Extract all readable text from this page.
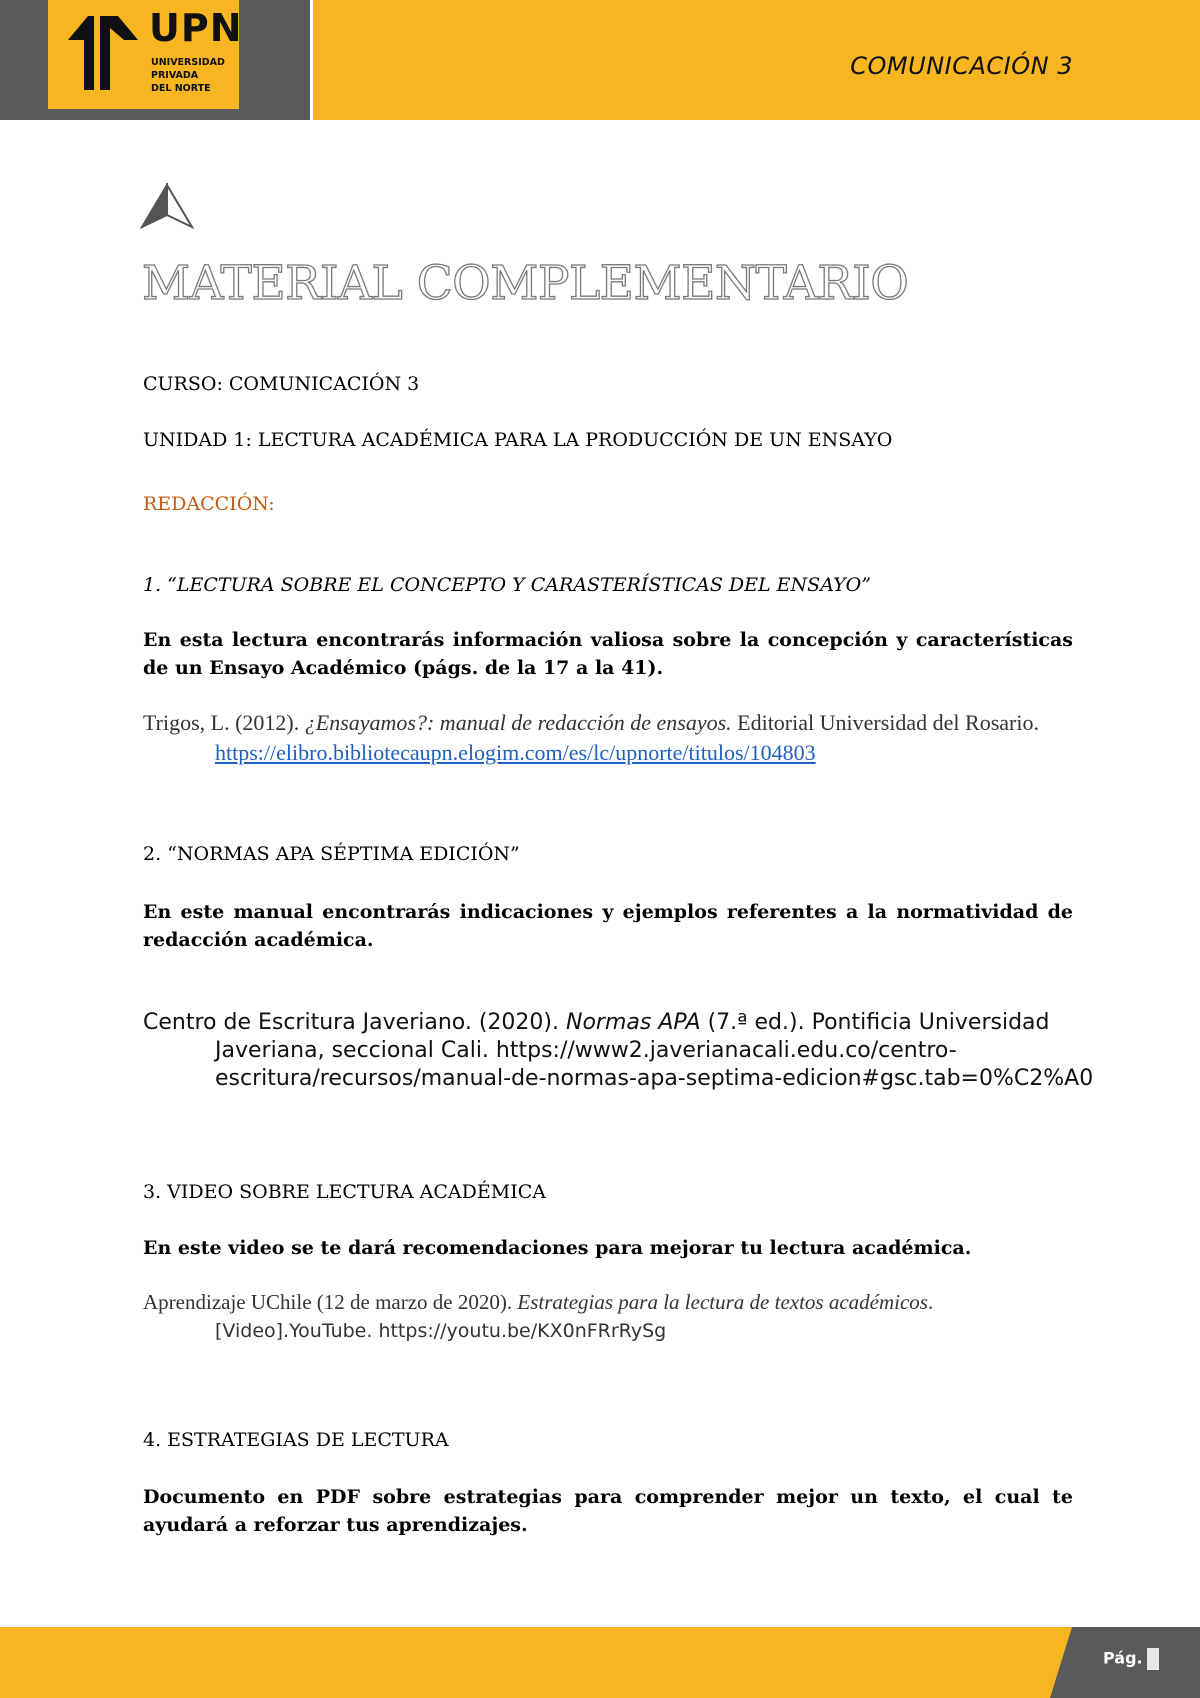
UPN
UNIVERSIDAD
PRIVADA
DEL NORTE
COMUNICACIÓN 3
MATERIAL COMPLEMENTARIO
CURSO: COMUNICACIÓN 3
UNIDAD 1: LECTURA ACADÉMICA PARA LA PRODUCCIÓN DE UN ENSAYO
REDACCIÓN:
1. “LECTURA SOBRE EL CONCEPTO Y CARASTERÍSTICAS DEL ENSAYO”
En esta lectura encontrarás información valiosa sobre la concepción y características de un Ensayo Académico (págs. de la 17 a la 41).
Trigos, L. (2012). ¿Ensayamos?: manual de redacción de ensayos. Editorial Universidad del Rosario. https://elibro.bibliotecaupn.elogim.com/es/lc/upnorte/titulos/104803
2. “NORMAS APA SÉPTIMA EDICIÓN”
En este manual encontrarás indicaciones y ejemplos referentes a la normatividad de redacción académica.
Centro de Escritura Javeriano. (2020). Normas APA (7.ª ed.). Pontificia Universidad Javeriana, seccional Cali. https://www2.javerianacali.edu.co/centro-escritura/recursos/manual-de-normas-apa-septima-edicion#gsc.tab=0%C2%A0
3. VIDEO SOBRE LECTURA ACADÉMICA
En este video se te dará recomendaciones para mejorar tu lectura académica.
Aprendizaje UChile (12 de marzo de 2020). Estrategias para la lectura de textos académicos.
[Video].YouTube. https://youtu.be/KX0nFRrRySg
4. ESTRATEGIAS DE LECTURA
Documento en PDF sobre estrategias para comprender mejor un texto, el cual te ayudará a reforzar tus aprendizajes.
Pág.
